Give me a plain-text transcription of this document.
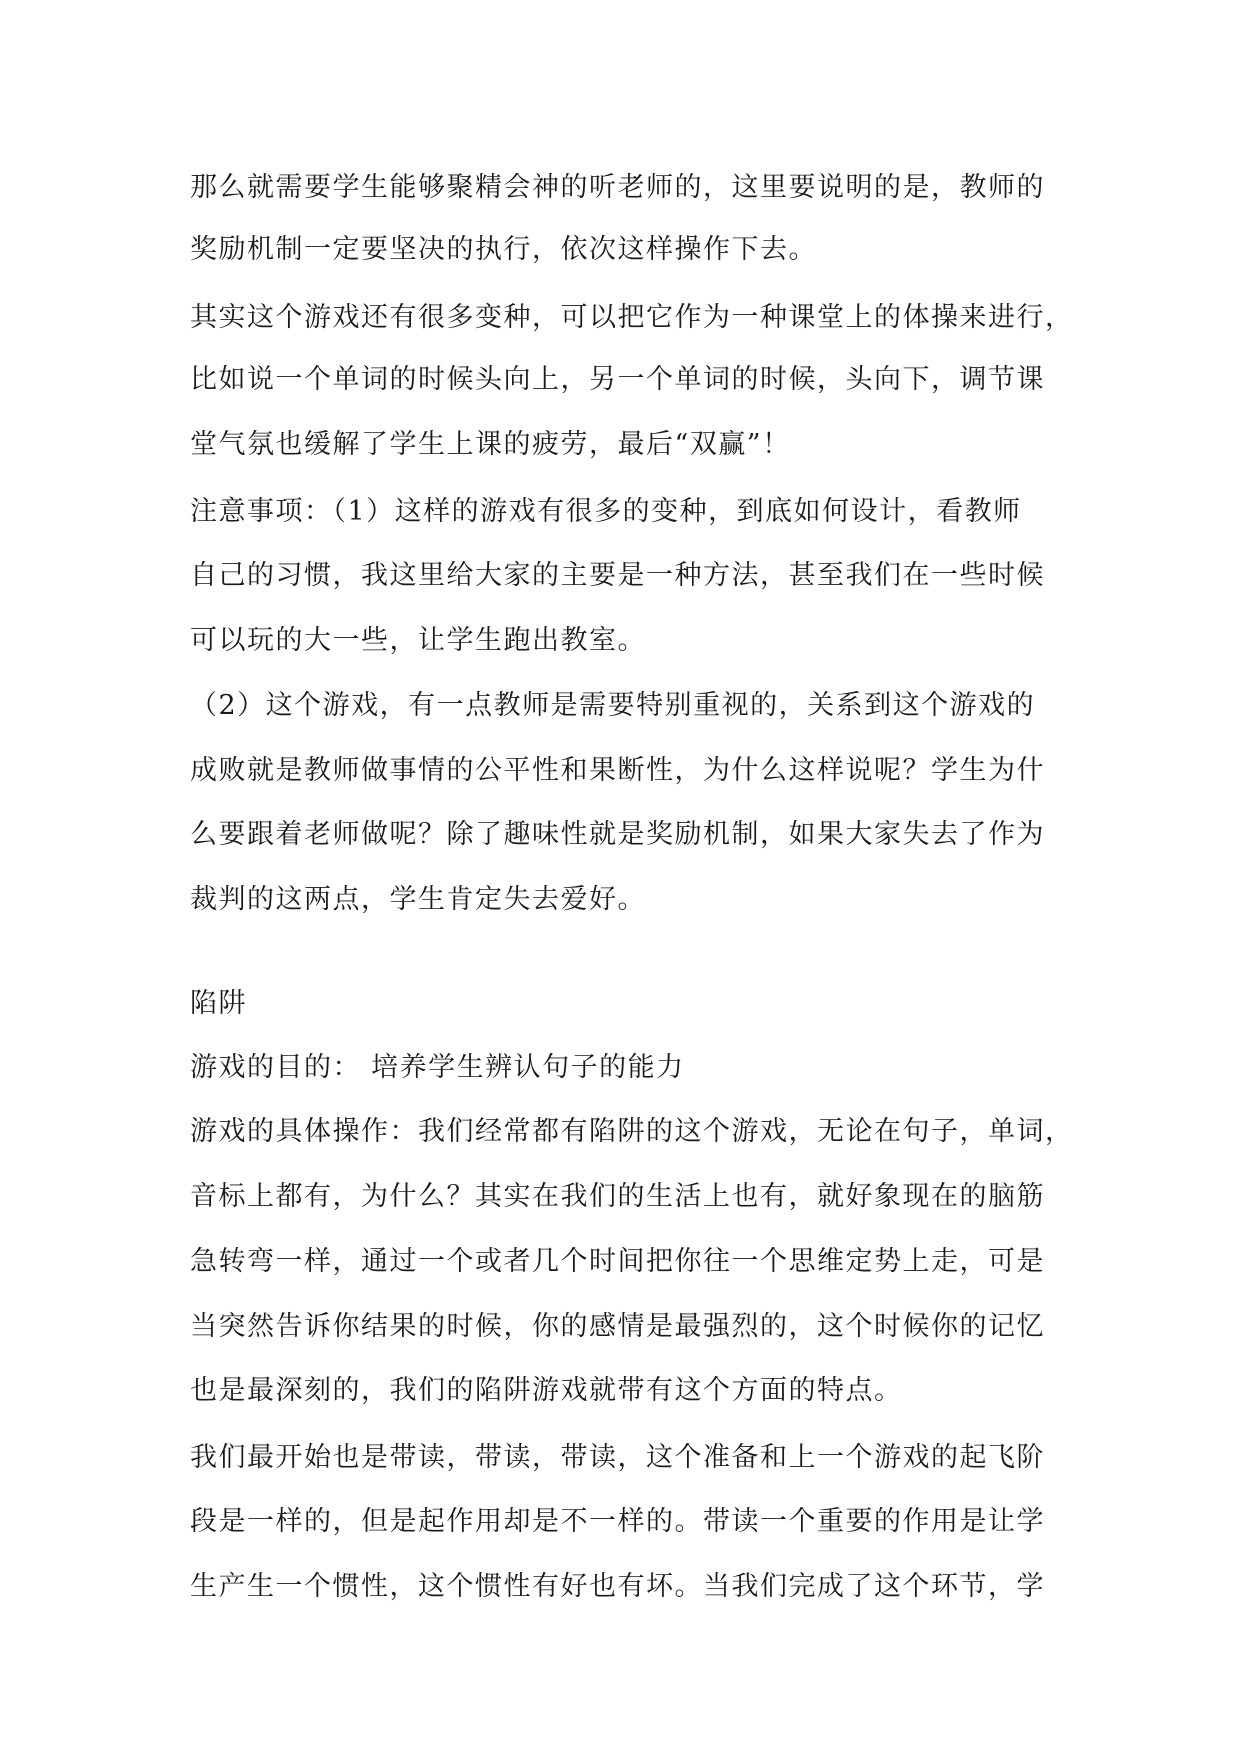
那么就需要学生能够聚精会神的听老师的，这里要说明的是，教师的
奖励机制一定要坚决的执行，依次这样操作下去。
其实这个游戏还有很多变种，可以把它作为一种课堂上的体操来进行，
比如说一个单词的时候头向上，另一个单词的时候，头向下，调节课
堂气氛也缓解了学生上课的疲劳，最后“双赢”！
注意事项：（1）这样的游戏有很多的变种，到底如何设计，看教师
自己的习惯，我这里给大家的主要是一种方法，甚至我们在一些时候
可以玩的大一些，让学生跑出教室。
（2）这个游戏，有一点教师是需要特别重视的，关系到这个游戏的
成败就是教师做事情的公平性和果断性，为什么这样说呢？学生为什
么要跟着老师做呢？除了趣味性就是奖励机制，如果大家失去了作为
裁判的这两点，学生肯定失去爱好。
陷阱
游戏的目的： 培养学生辨认句子的能力
游戏的具体操作：我们经常都有陷阱的这个游戏，无论在句子，单词，
音标上都有，为什么？其实在我们的生活上也有，就好象现在的脑筋
急转弯一样，通过一个或者几个时间把你往一个思维定势上走，可是
当突然告诉你结果的时候，你的感情是最强烈的，这个时候你的记忆
也是最深刻的，我们的陷阱游戏就带有这个方面的特点。
我们最开始也是带读，带读，带读，这个准备和上一个游戏的起飞阶
段是一样的，但是起作用却是不一样的。带读一个重要的作用是让学
生产生一个惯性，这个惯性有好也有坏。当我们完成了这个环节，学
